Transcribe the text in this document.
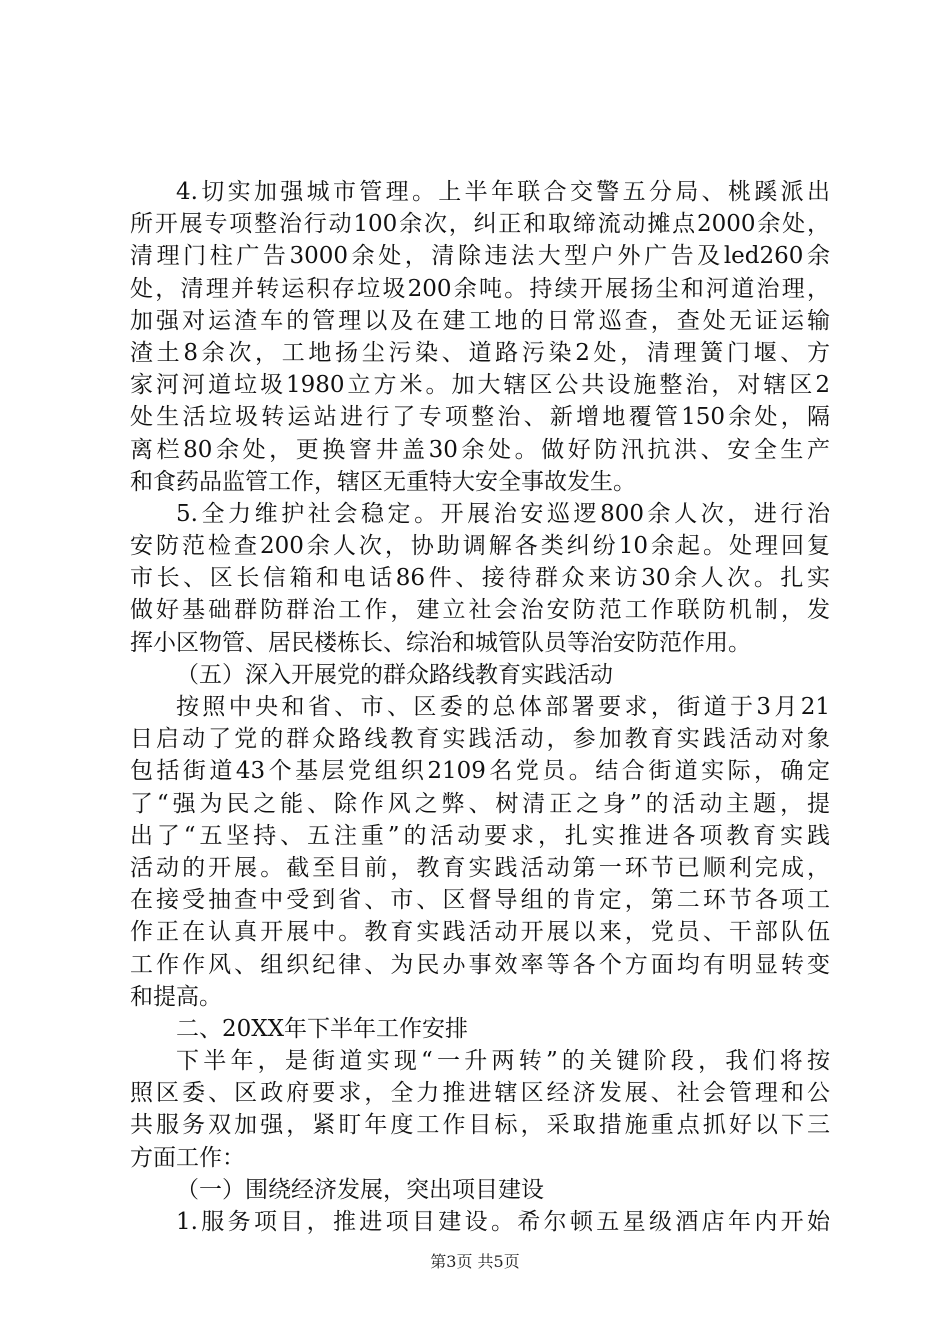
4.切实加强城市管理。上半年联合交警五分局、桃蹊派出
所开展专项整治行动100余次，纠正和取缔流动摊点2000余处，
清理门柱广告3000余处，清除违法大型户外广告及led260余
处，清理并转运积存垃圾200余吨。持续开展扬尘和河道治理，
加强对运渣车的管理以及在建工地的日常巡查，查处无证运输
渣土8余次，工地扬尘污染、道路污染2处，清理簧门堰、方
家河河道垃圾1980立方米。加大辖区公共设施整治，对辖区2
处生活垃圾转运站进行了专项整治、新增地覆管150余处，隔
离栏80余处，更换窨井盖30余处。做好防汛抗洪、安全生产
和食药品监管工作，辖区无重特大安全事故发生。
5.全力维护社会稳定。开展治安巡逻800余人次，进行治
安防范检查200余人次，协助调解各类纠纷10余起。处理回复
市长、区长信箱和电话86件、接待群众来访30余人次。扎实
做好基础群防群治工作，建立社会治安防范工作联防机制，发
挥小区物管、居民楼栋长、综治和城管队员等治安防范作用。
（五）深入开展党的群众路线教育实践活动
按照中央和省、市、区委的总体部署要求，街道于3月21
日启动了党的群众路线教育实践活动，参加教育实践活动对象
包括街道43个基层党组织2109名党员。结合街道实际，确定
了“强为民之能、除作风之弊、树清正之身”的活动主题，提
出了“五坚持、五注重”的活动要求，扎实推进各项教育实践
活动的开展。截至目前，教育实践活动第一环节已顺利完成，
在接受抽查中受到省、市、区督导组的肯定，第二环节各项工
作正在认真开展中。教育实践活动开展以来，党员、干部队伍
工作作风、组织纪律、为民办事效率等各个方面均有明显转变
和提高。
二、20XX年下半年工作安排
下半年，是街道实现“一升两转”的关键阶段，我们将按
照区委、区政府要求，全力推进辖区经济发展、社会管理和公
共服务双加强，紧盯年度工作目标，采取措施重点抓好以下三
方面工作：
（一）围绕经济发展，突出项目建设
1.服务项目，推进项目建设。希尔顿五星级酒店年内开始
第3页 共5页
